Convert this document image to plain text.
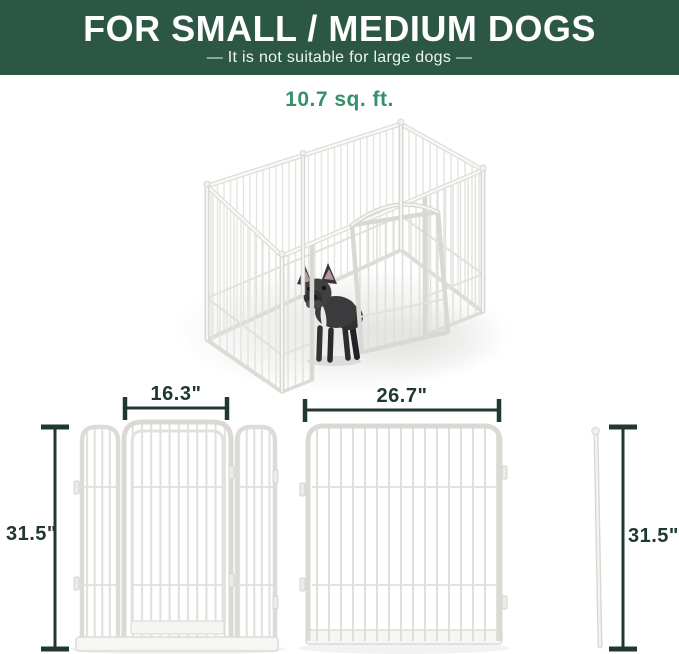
FOR SMALL / MEDIUM DOGS
— It is not suitable for large dogs —
10.7 sq. ft.
16.3"	26.7"
31.5"	31.5"
